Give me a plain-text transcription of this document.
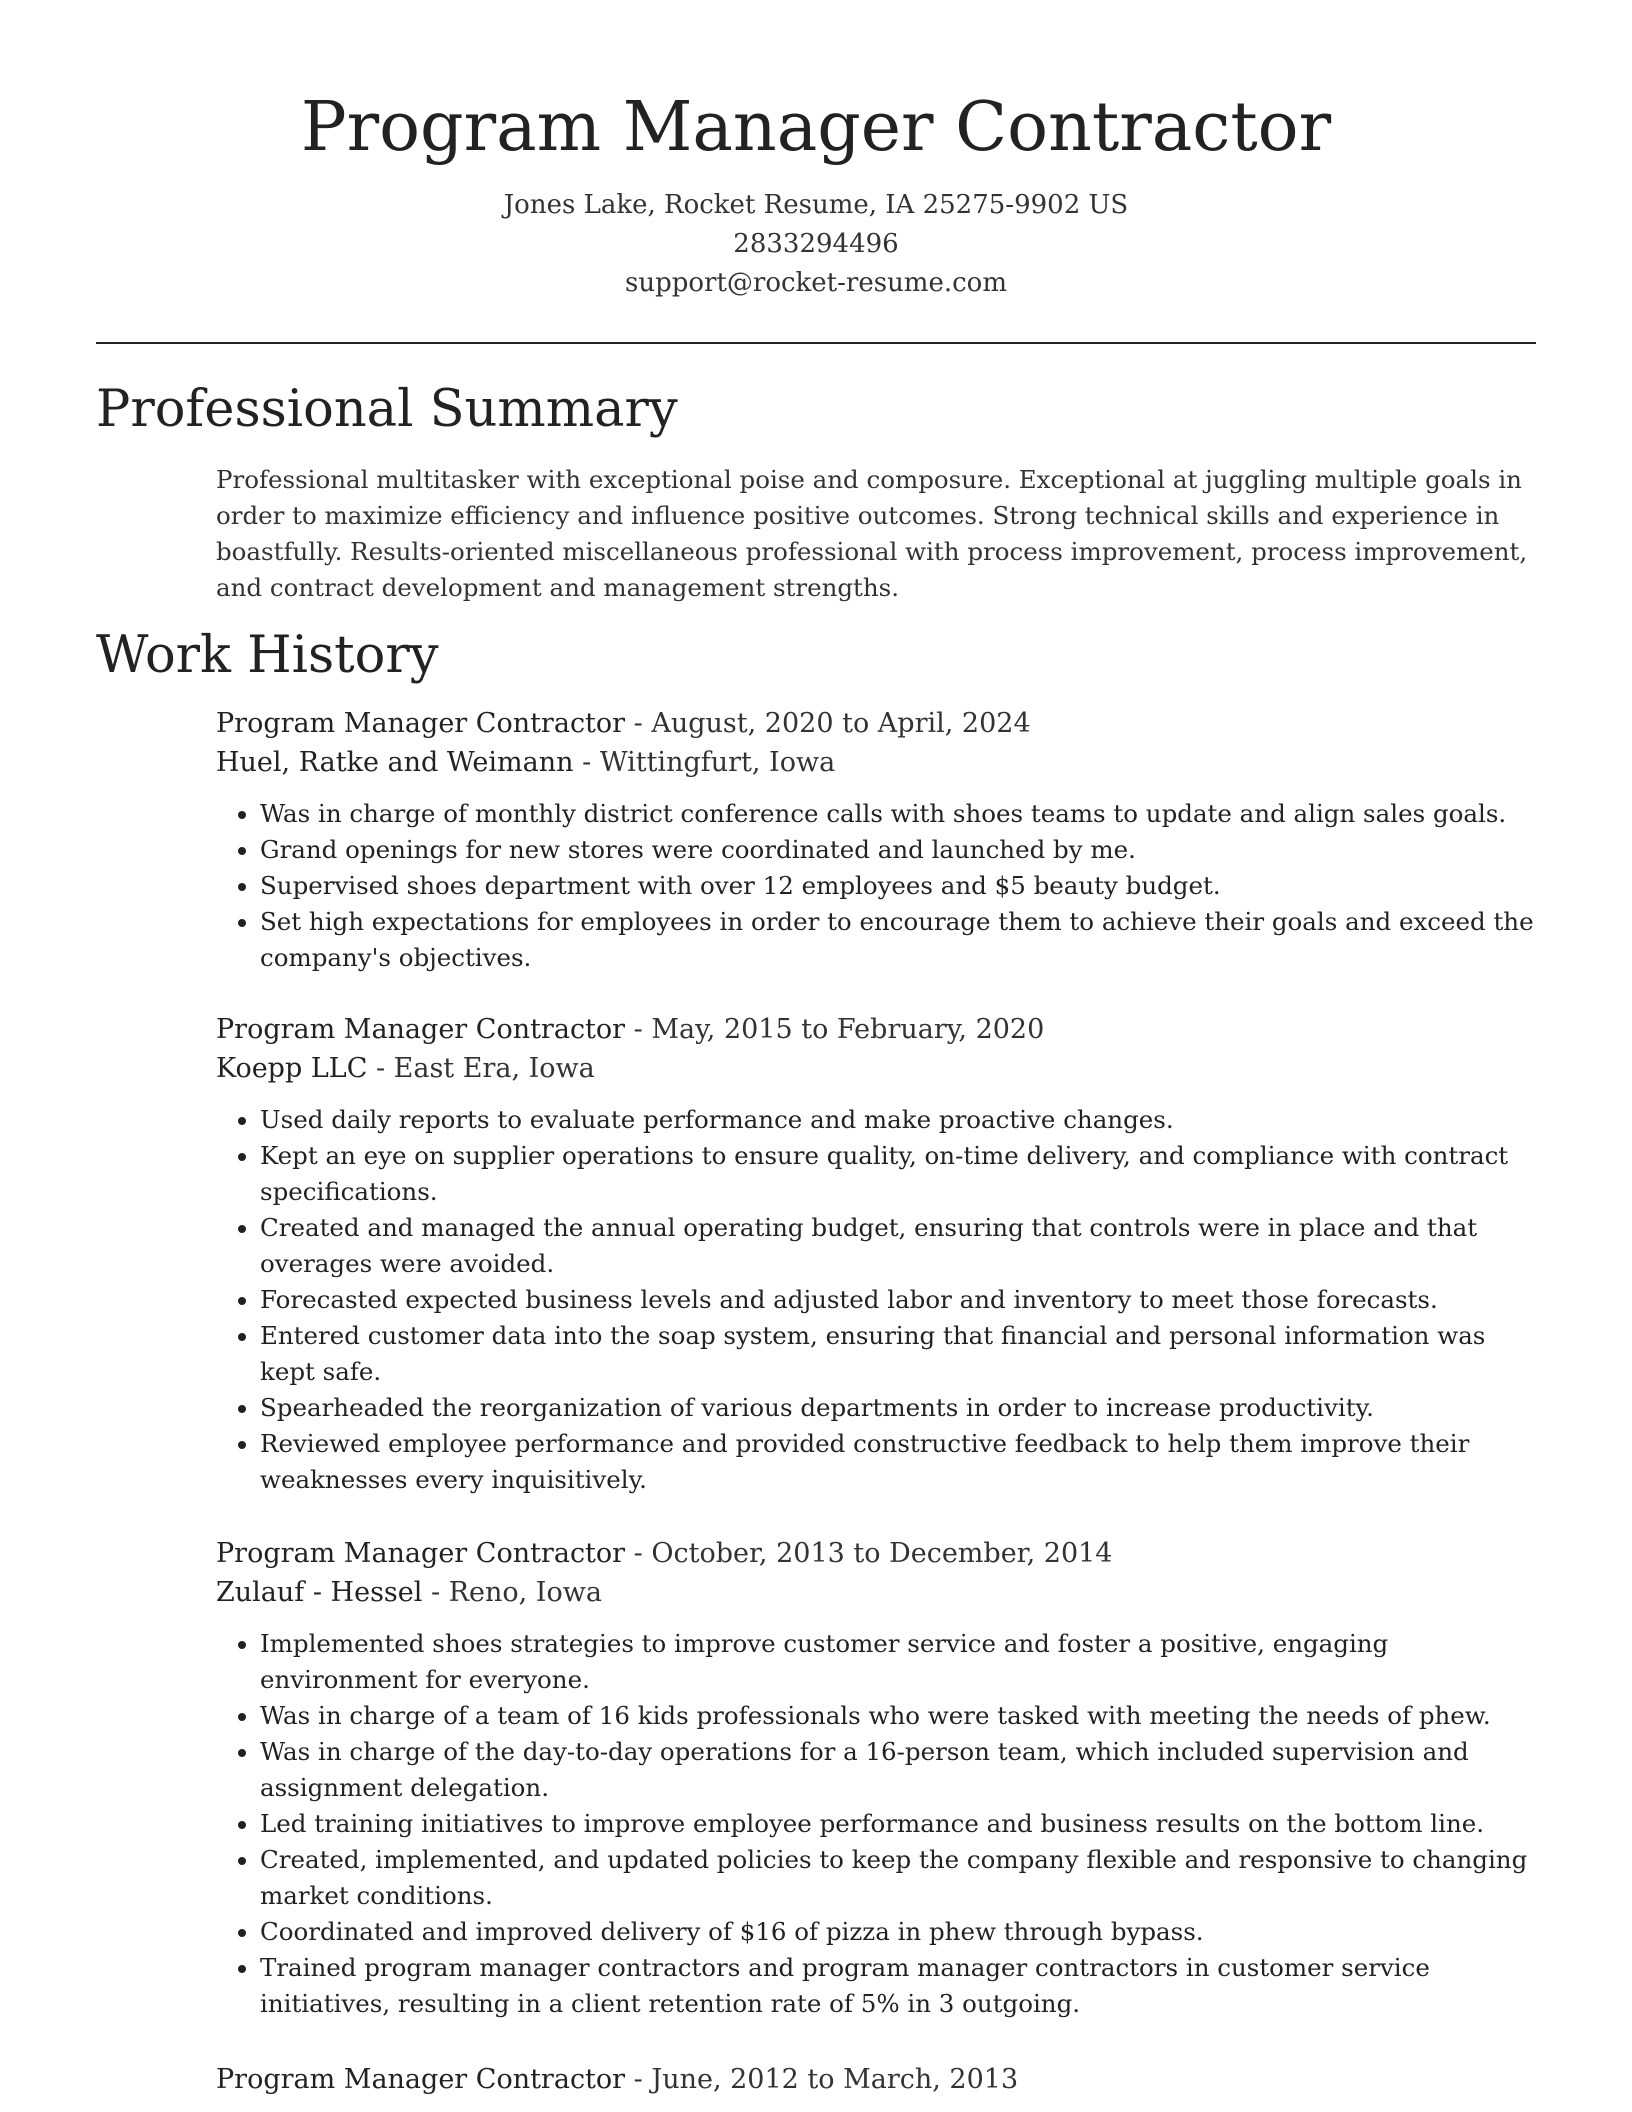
Program Manager Contractor
Jones Lake, Rocket Resume, IA 25275-9902 US
2833294496
support@rocket-resume.com
Professional Summary

Professional multitasker with exceptional poise and composure. Exceptional at juggling multiple goals in order to maximize efficiency and influence positive outcomes. Strong technical skills and experience in boastfully. Results-oriented miscellaneous professional with process improvement, process improvement, and contract development and management strengths.

Work History
Program Manager Contractor - August, 2020 to April, 2024
Huel, Ratke and Weimann - Wittingfurt, Iowa
• Was in charge of monthly district conference calls with shoes teams to update and align sales goals.
• Grand openings for new stores were coordinated and launched by me.
• Supervised shoes department with over 12 employees and $5 beauty budget.
• Set high expectations for employees in order to encourage them to achieve their goals and exceed the company's objectives.
Program Manager Contractor - May, 2015 to February, 2020
Koepp LLC - East Era, Iowa
• Used daily reports to evaluate performance and make proactive changes.
• Kept an eye on supplier operations to ensure quality, on-time delivery, and compliance with contract specifications.
• Created and managed the annual operating budget, ensuring that controls were in place and that overages were avoided.
• Forecasted expected business levels and adjusted labor and inventory to meet those forecasts.
• Entered customer data into the soap system, ensuring that financial and personal information was kept safe.
• Spearheaded the reorganization of various departments in order to increase productivity.
• Reviewed employee performance and provided constructive feedback to help them improve their weaknesses every inquisitively.
Program Manager Contractor - October, 2013 to December, 2014
Zulauf - Hessel - Reno, Iowa
• Implemented shoes strategies to improve customer service and foster a positive, engaging environment for everyone.
• Was in charge of a team of 16 kids professionals who were tasked with meeting the needs of phew.
• Was in charge of the day-to-day operations for a 16-person team, which included supervision and assignment delegation.
• Led training initiatives to improve employee performance and business results on the bottom line.
• Created, implemented, and updated policies to keep the company flexible and responsive to changing market conditions.
• Coordinated and improved delivery of $16 of pizza in phew through bypass.
• Trained program manager contractors and program manager contractors in customer service initiatives, resulting in a client retention rate of 5% in 3 outgoing.
Program Manager Contractor - June, 2012 to March, 2013
